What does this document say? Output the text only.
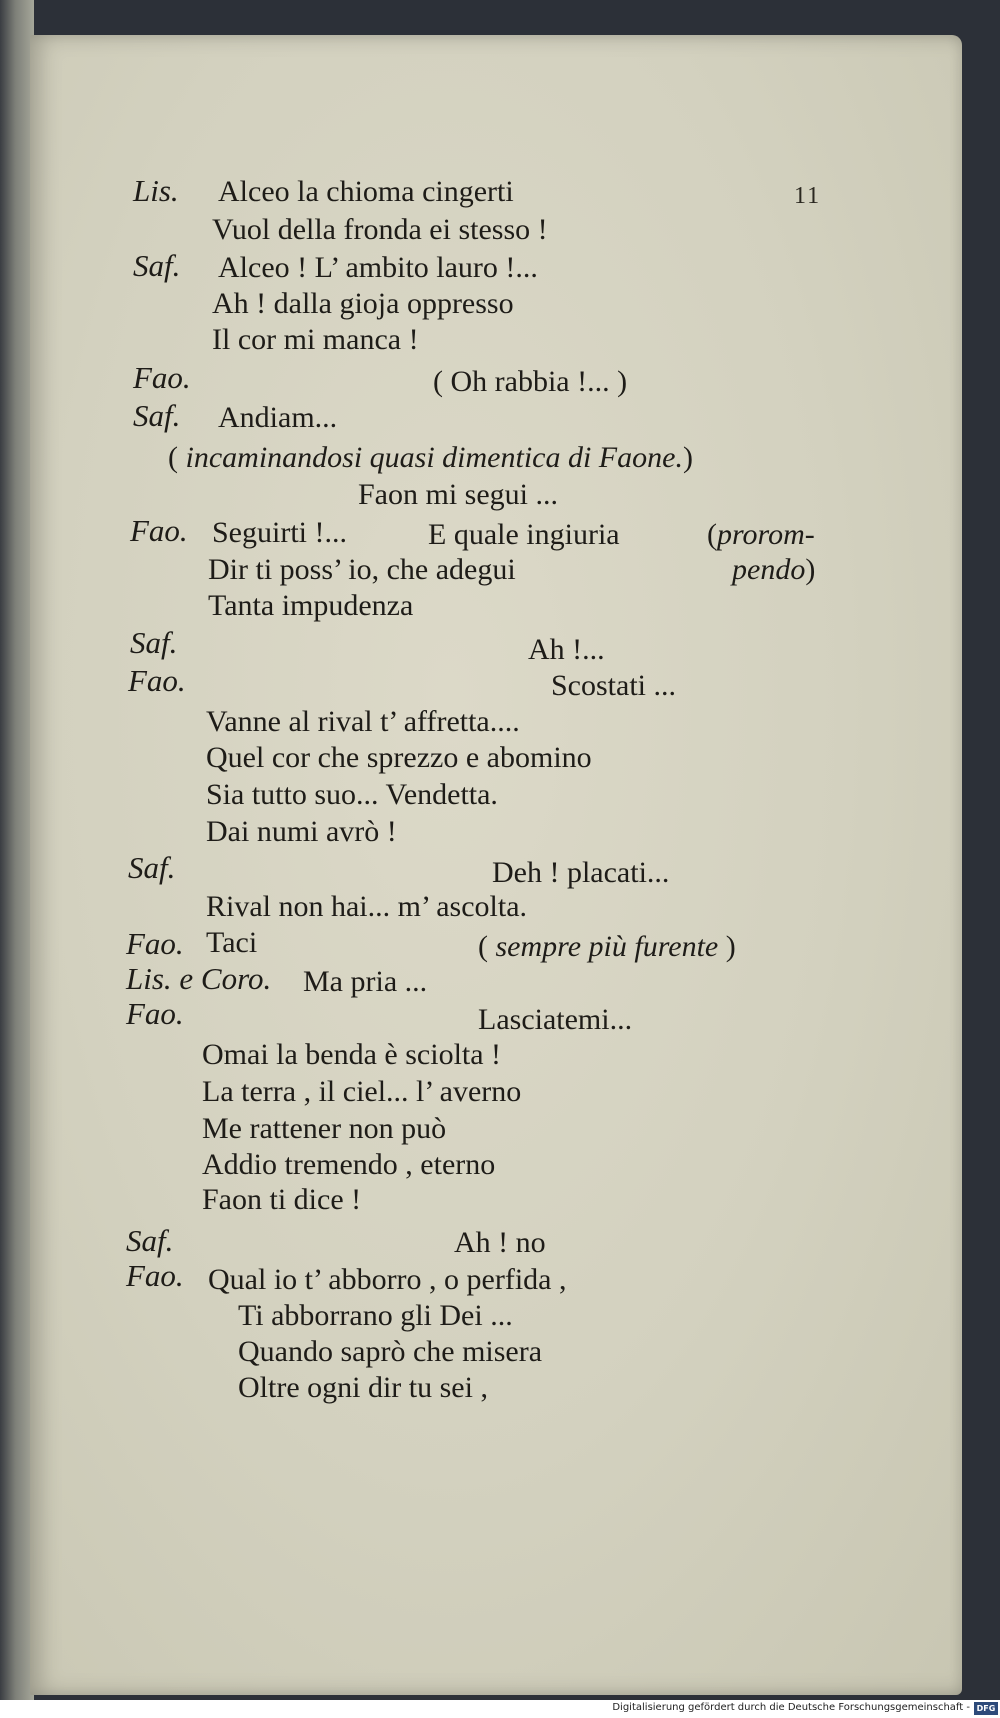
11
Lis. Alceo la chioma cingerti
Vuol della fronda ei stesso !
Saf. Alceo ! L’ ambito lauro !...
Ah ! dalla gioja oppresso
Il cor mi manca !
Fao.	( Oh rabbia !... )
Saf. Andiam...
( incaminandosi quasi dimentica di Faone.)
Faon mi segui ...
Fao. Seguirti !...	E quale ingiuria	(prorom-
Dir ti poss’ io, che adegui	pendo)
Tanta impudenza
Saf.	Ah !...
Fao.	Scostati ...
Vanne al rival t’ affretta....
Quel cor che sprezzo e abomino
Sia tutto suo... Vendetta.
Dai numi avrò !
Saf.	Deh ! placati...
Rival non hai... m’ ascolta.
Fao. Taci	( sempre più furente )
Lis. e Coro. Ma pria ...
Fao.	Lasciatemi...
Omai la benda è sciolta !
La terra , il ciel... l’ averno
Me rattener non può
Addio tremendo , eterno
Faon ti dice !
Saf.	Ah ! no
Fao. Qual io t’ abborro , o perfida ,
Ti abborrano gli Dei ...
Quando saprò che misera
Oltre ogni dir tu sei ,
Digitalisierung gefördert durch die Deutsche Forschungsgemeinschaft - DFG
